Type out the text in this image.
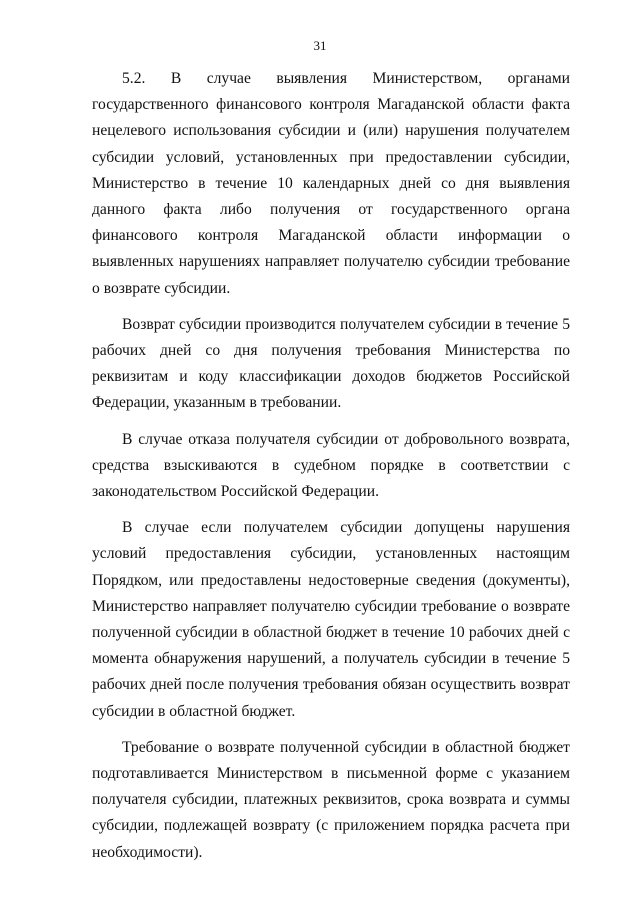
31

5.2. В случае выявления Министерством, органами государственного финансового контроля Магаданской области факта нецелевого использования субсидии и (или) нарушения получателем субсидии условий, установленных при предоставлении субсидии, Министерство в течение 10 календарных дней со дня выявления данного факта либо получения от государственного органа финансового контроля Магаданской области информации о выявленных нарушениях направляет получателю субсидии требование о возврате субсидии.

Возврат субсидии производится получателем субсидии в течение 5 рабочих дней со дня получения требования Министерства по реквизитам и коду классификации доходов бюджетов Российской Федерации, указанным в требовании.

В случае отказа получателя субсидии от добровольного возврата, средства взыскиваются в судебном порядке в соответствии с законодательством Российской Федерации.

В случае если получателем субсидии допущены нарушения условий предоставления субсидии, установленных настоящим Порядком, или предоставлены недостоверные сведения (документы), Министерство направляет получателю субсидии требование о возврате полученной субсидии в областной бюджет в течение 10 рабочих дней с момента обнаружения нарушений, а получатель субсидии в течение 5 рабочих дней после получения требования обязан осуществить возврат субсидии в областной бюджет.

Требование о возврате полученной субсидии в областной бюджет подготавливается Министерством в письменной форме с указанием получателя субсидии, платежных реквизитов, срока возврата и суммы субсидии, подлежащей возврату (с приложением порядка расчета при необходимости).
